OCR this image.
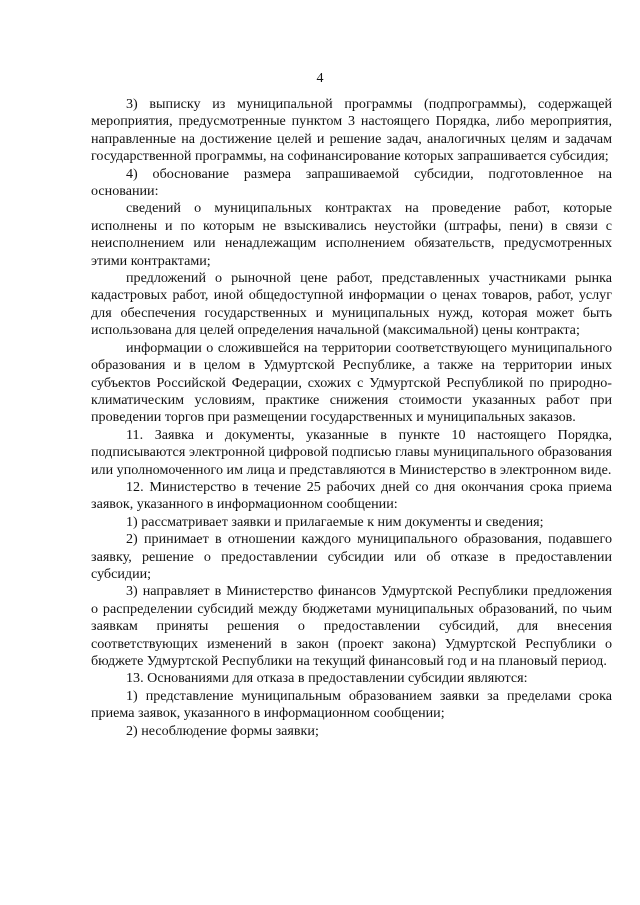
4

3) выписку из муниципальной программы (подпрограммы), содержащей мероприятия, предусмотренные пунктом 3 настоящего Порядка, либо мероприятия, направленные на достижение целей и решение задач, аналогичных целям и задачам государственной программы, на софинансирование которых запрашивается субсидия;

4) обоснование размера запрашиваемой субсидии, подготовленное на основании:

сведений о муниципальных контрактах на проведение работ, которые исполнены и по которым не взыскивались неустойки (штрафы, пени) в связи с неисполнением или ненадлежащим исполнением обязательств, предусмотренных этими контрактами;

предложений о рыночной цене работ, представленных участниками рынка кадастровых работ, иной общедоступной информации о ценах товаров, работ, услуг для обеспечения государственных и муниципальных нужд, которая может быть использована для целей определения начальной (максимальной) цены контракта;

информации о сложившейся на территории соответствующего муниципального образования и в целом в Удмуртской Республике, а также на территории иных субъектов Российской Федерации, схожих с Удмуртской Республикой по природно-климатическим условиям, практике снижения стоимости указанных работ при проведении торгов при размещении государственных и муниципальных заказов.

11. Заявка и документы, указанные в пункте 10 настоящего Порядка, подписываются электронной цифровой подписью главы муниципального образования или уполномоченного им лица и представляются в Министерство в электронном виде.

12. Министерство в течение 25 рабочих дней со дня окончания срока приема заявок, указанного в информационном сообщении:

1) рассматривает заявки и прилагаемые к ним документы и сведения;

2) принимает в отношении каждого муниципального образования, подавшего заявку, решение о предоставлении субсидии или об отказе в предоставлении субсидии;

3) направляет в Министерство финансов Удмуртской Республики предложения о распределении субсидий между бюджетами муниципальных образований, по чьим заявкам приняты решения о предоставлении субсидий, для внесения соответствующих изменений в закон (проект закона) Удмуртской Республики о бюджете Удмуртской Республики на текущий финансовый год и на плановый период.

13. Основаниями для отказа в предоставлении субсидии являются:

1) представление муниципальным образованием заявки за пределами срока приема заявок, указанного в информационном сообщении;

2) несоблюдение формы заявки;
